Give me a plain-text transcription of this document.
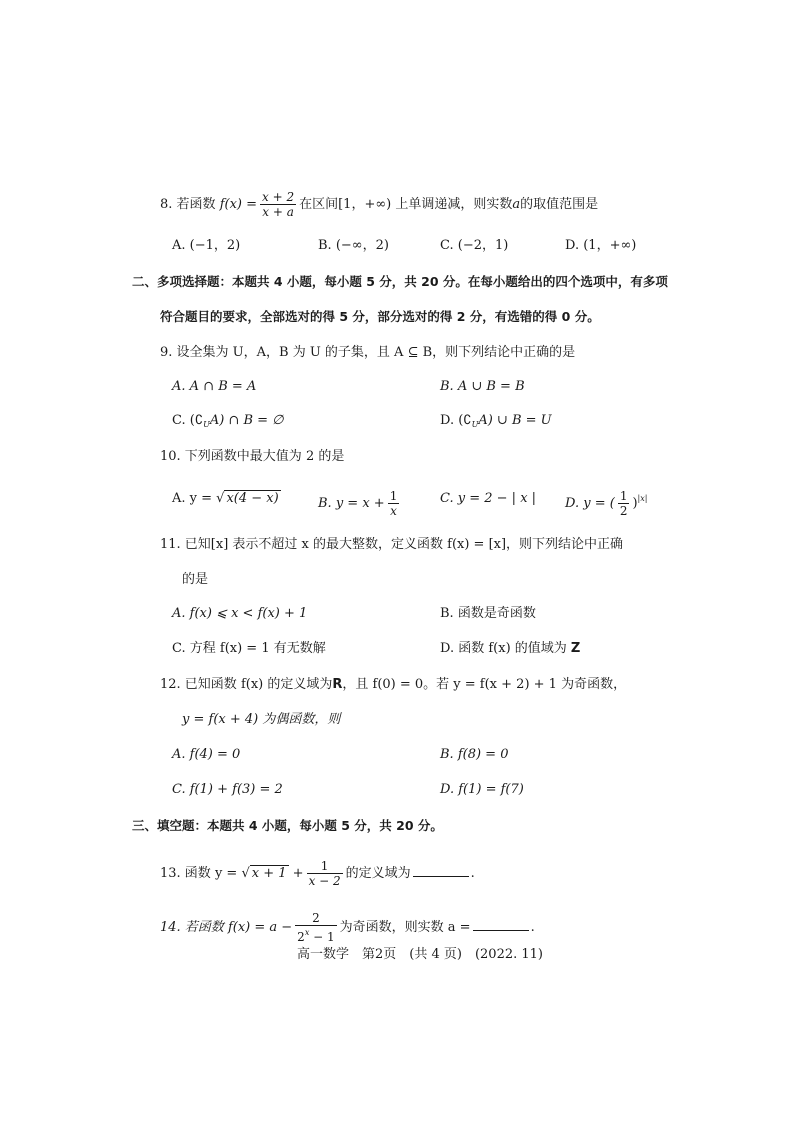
8. 若函数 $f(x) = \frac{x + 2}{x + a}$ 在区间[1，+∞) 上单调递减，则实数a的取值范围是
A. (−1，2)	B. (−∞，2)	C. (−2，1)	D. (1，+∞)
二、多项选择题：本题共 4 小题，每小题 5 分，共 20 分。在每小题给出的四个选项中，有多项
符合题目的要求，全部选对的得 5 分，部分选对的得 2 分，有选错的得 0 分。
9. 设全集为 U，A，B 为 U 的子集，且 A ⊆ B，则下列结论中正确的是
A. A ∩ B = A	B. A ∪ B = B
C. $(∁_UA)$ ∩ B = ∅	D. $(∁_UA)$ ∪ B = U
10. 下列函数中最大值为 2 的是
A. y = √ x(4 − x)	B. $y = x + \frac{1}{x}$	C. y = 2 − | x | D. y = ( $\frac{1}{2} )^{|x|}$
11. 已知[x] 表示不超过 x 的最大整数，定义函数 f(x) = [x]，则下列结论中正确
的是
A. f(x) ⩽ x < f(x) + 1	B. 函数是奇函数
C. 方程 f(x) = 1 有无数解	D. 函数 f(x) 的值域为 Z
12. 已知函数 f(x) 的定义域为R，且 f(0) = 0。若 y = f(x + 2) + 1 为奇函数，
y = f(x + 4) 为偶函数，则
A. f(4) = 0	B. f(8) = 0
C. f(1) + f(3) = 2	D. f(1) = f(7)
三、填空题：本题共 4 小题，每小题 5 分，共 20 分。
13. 函数 y = √ $x + 1 + \frac{1}{x - 2}$ 的定义域为	.
14. 若函数 $f(x) = a - \frac{2}{2^x - 1}$ 为奇函数，则实数 a =	.
高一数学　第2页　(共 4 页)　(2022. 11)
